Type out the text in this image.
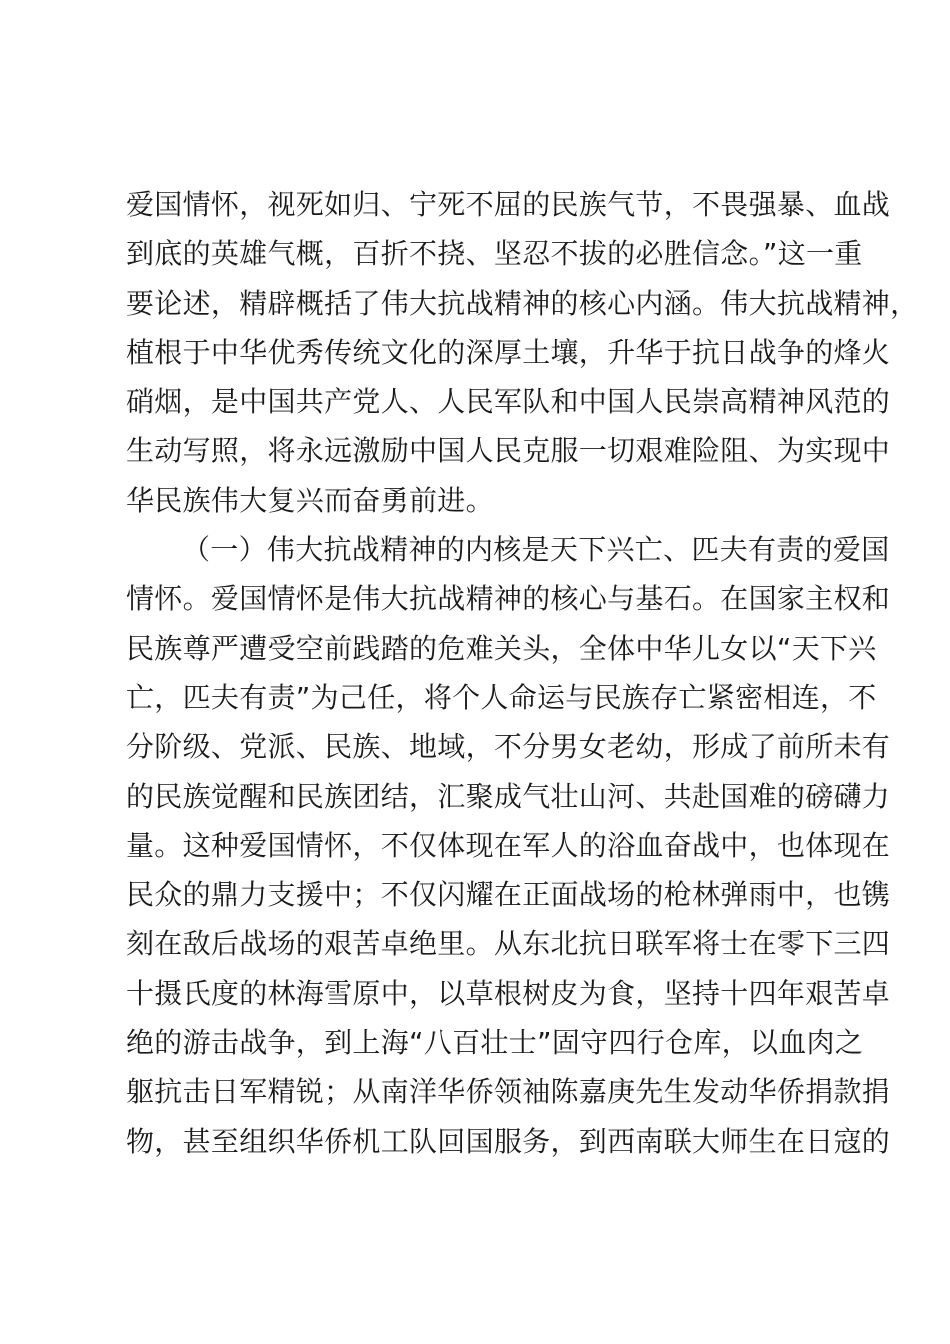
爱国情怀，视死如归、宁死不屈的民族气节，不畏强暴、血战
到底的英雄气概，百折不挠、坚忍不拔的必胜信念。”这一重
要论述，精辟概括了伟大抗战精神的核心内涵。伟大抗战精神，
植根于中华优秀传统文化的深厚土壤，升华于抗日战争的烽火
硝烟，是中国共产党人、人民军队和中国人民崇高精神风范的
生动写照，将永远激励中国人民克服一切艰难险阻、为实现中
华民族伟大复兴而奋勇前进。
（一）伟大抗战精神的内核是天下兴亡、匹夫有责的爱国
情怀。爱国情怀是伟大抗战精神的核心与基石。在国家主权和
民族尊严遭受空前践踏的危难关头，全体中华儿女以“天下兴
亡，匹夫有责”为己任，将个人命运与民族存亡紧密相连，不
分阶级、党派、民族、地域，不分男女老幼，形成了前所未有
的民族觉醒和民族团结，汇聚成气壮山河、共赴国难的磅礴力
量。这种爱国情怀，不仅体现在军人的浴血奋战中，也体现在
民众的鼎力支援中；不仅闪耀在正面战场的枪林弹雨中，也镌
刻在敌后战场的艰苦卓绝里。从东北抗日联军将士在零下三四
十摄氏度的林海雪原中，以草根树皮为食，坚持十四年艰苦卓
绝的游击战争，到上海“八百壮士”固守四行仓库，以血肉之
躯抗击日军精锐；从南洋华侨领袖陈嘉庚先生发动华侨捐款捐
物，甚至组织华侨机工队回国服务，到西南联大师生在日寇的
